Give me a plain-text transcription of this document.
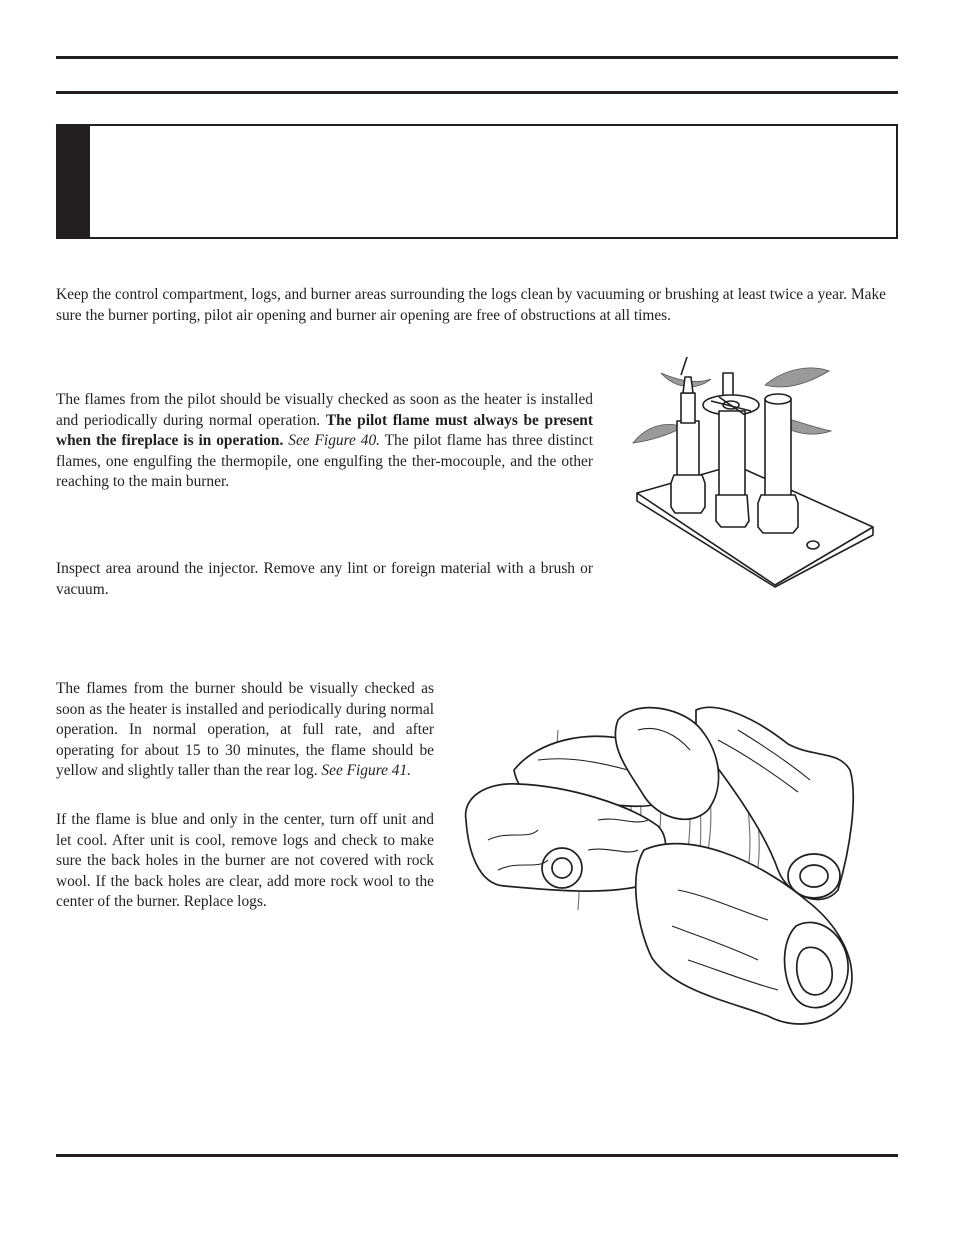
Keep the control compartment, logs, and burner areas surrounding the logs clean by vacuuming or brushing at least twice a year. Make sure the burner porting, pilot air opening and burner air opening are free of obstructions at all times.

The flames from the pilot should be visually checked as soon as the heater is installed and periodically during normal operation. The pilot flame must always be present when the fireplace is in operation. See Figure 40. The pilot flame has three distinct flames, one engulfing the thermopile, one engulfing the ther-mocouple, and the other reaching to the main burner.

Inspect area around the injector. Remove any lint or foreign material with a brush or vacuum.

The flames from the burner should be visually checked as soon as the heater is installed and periodically during normal operation. In normal operation, at full rate, and after operating for about 15 to 30 minutes, the flame should be yellow and slightly taller than the rear log. See Figure 41.

If the flame is blue and only in the center, turn off unit and let cool. After unit is cool, remove logs and check to make sure the back holes in the burner are not covered with rock wool. If the back holes are clear, add more rock wool to the center of the burner. Replace logs.
